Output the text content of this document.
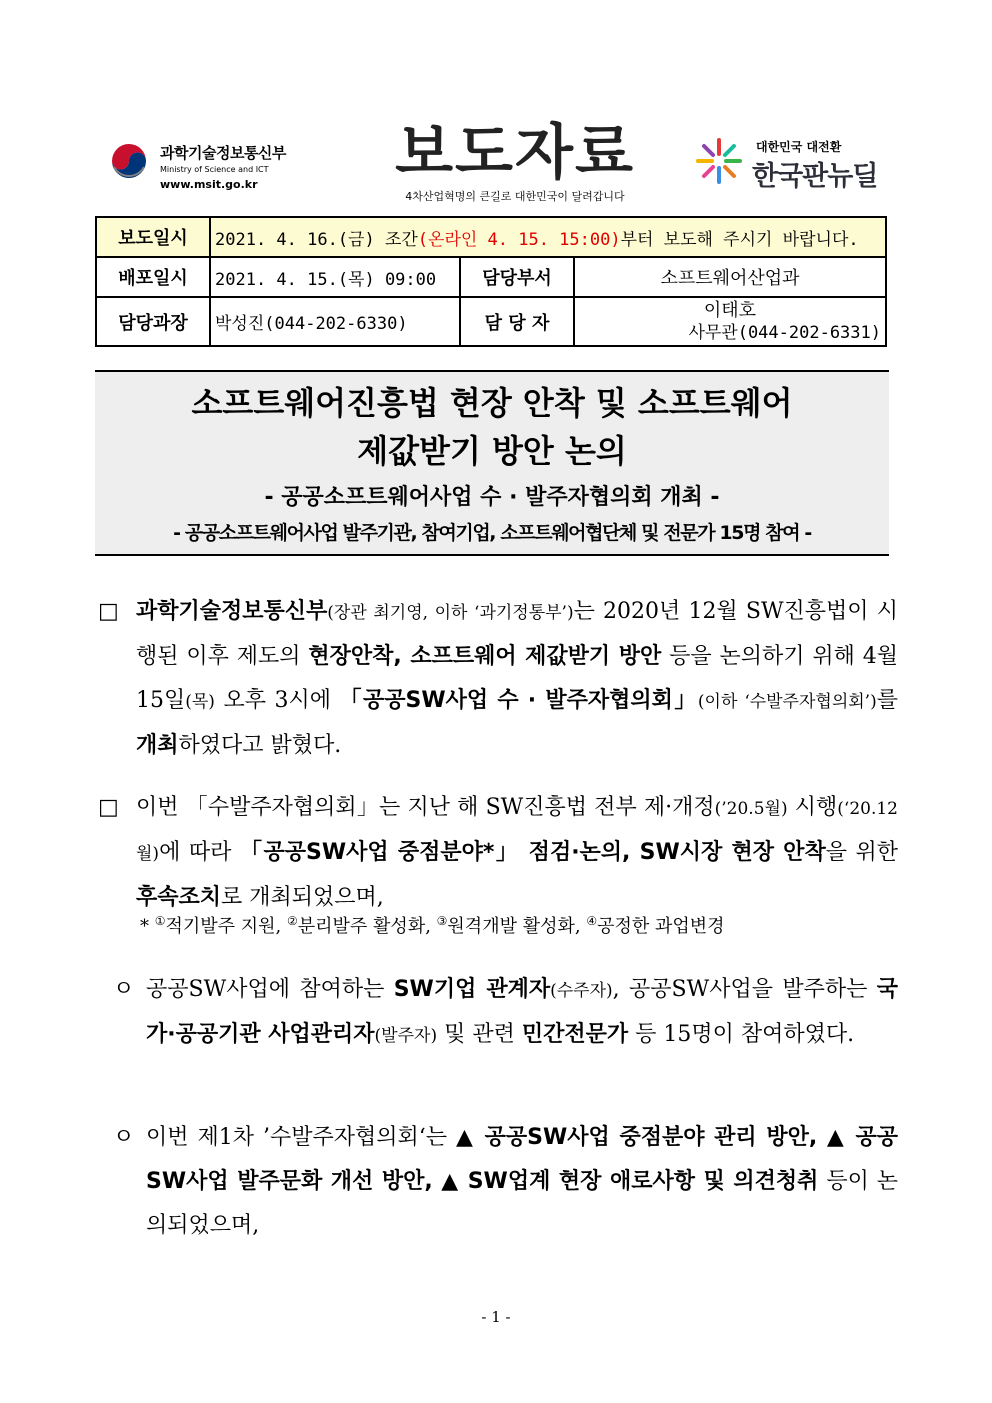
과학기술정보통신부
Ministry of Science and ICT
www.msit.go.kr 보도자료
4차산업혁명의 큰길로 대한민국이 달려갑니다
대한민국 대전환
한국판뉴딜
보도일시	2021. 4. 16.(금) 조간(온라인 4. 15. 15:00)부터 보도해 주시기 바랍니다.		
배포일시	2021. 4. 15.(목) 09:00	담당부서	소프트웨어산업과
담당과장	박성진(044-202-6330)	담 당 자	이태호
사무관(044-202-6331)
소프트웨어진흥법 현장 안착 및 소프트웨어
제값받기 방안 논의
- 공공소프트웨어사업 수 · 발주자협의회 개최 -
- 공공소프트웨어사업 발주기관, 참여기업, 소프트웨어협단체 및 전문가 15명 참여 -
□ 과학기술정보통신부(장관 최기영, 이하 ‘과기정통부’)는 2020년 12월 SW진흥법이 시행된 이후 제도의 현장안착, 소프트웨어 제값받기 방안 등을 논의하기 위해 4월 15일(목) 오후 3시에 「공공SW사업 수 · 발주자협의회」(이하 ‘수발주자협의회’)를 개최하였다고 밝혔다.
□ 이번 「수발주자협의회」는 지난 해 SW진흥법 전부 제·개정(’20.5월) 시행(‘20.12월)에 따라 「공공SW사업 중점분야*」 점검·논의, SW시장 현장 안착을 위한 후속조치로 개최되었으며,
* ①적기발주 지원, ②분리발주 활성화, ③원격개발 활성화, ④공정한 과업변경
ㅇ 공공SW사업에 참여하는 SW기업 관계자(수주자), 공공SW사업을 발주하는 국가·공공기관 사업관리자(발주자) 및 관련 민간전문가 등 15명이 참여하였다.
ㅇ 이번 제1차 ’수발주자협의회‘는 ▲ 공공SW사업 중점분야 관리 방안, ▲ 공공SW사업 발주문화 개선 방안, ▲ SW업계 현장 애로사항 및 의견청취 등이 논의되었으며,
- 1 -
